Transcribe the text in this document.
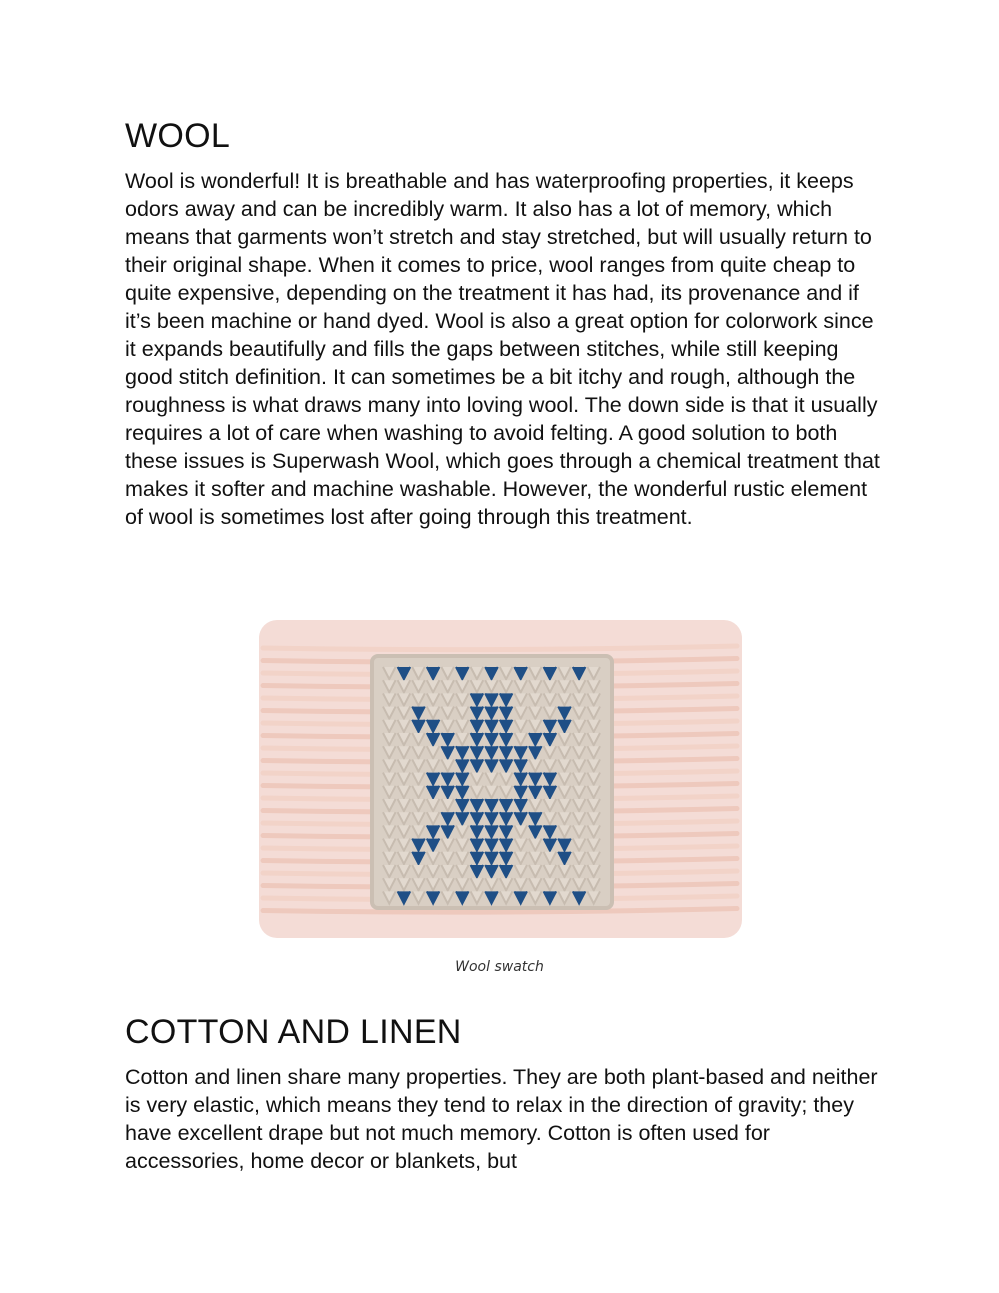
WOOL

Wool is wonderful! It is breathable and has waterproofing properties, it keeps odors away and can be incredibly warm. It also has a lot of memory, which means that garments won’t stretch and stay stretched, but will usually return to their original shape. When it comes to price, wool ranges from quite cheap to quite expensive, depending on the treatment it has had, its provenance and if it’s been machine or hand dyed. Wool is also a great option for colorwork since it expands beautifully and fills the gaps between stitches, while still keeping good stitch definition. It can sometimes be a bit itchy and rough, although the roughness is what draws many into loving wool. The down side is that it usually requires a lot of care when washing to avoid felting. A good solution to both these issues is Superwash Wool, which goes through a chemical treatment that makes it softer and machine washable. However, the wonderful rustic element of wool is sometimes lost after going through this treatment.

COTTON AND LINEN

Cotton and linen share many properties. They are both plant-based and neither is very elastic, which means they tend to relax in the direction of gravity; they have excellent drape but not much memory. Cotton is often used for accessories, home decor or blankets, but

Wool swatch
